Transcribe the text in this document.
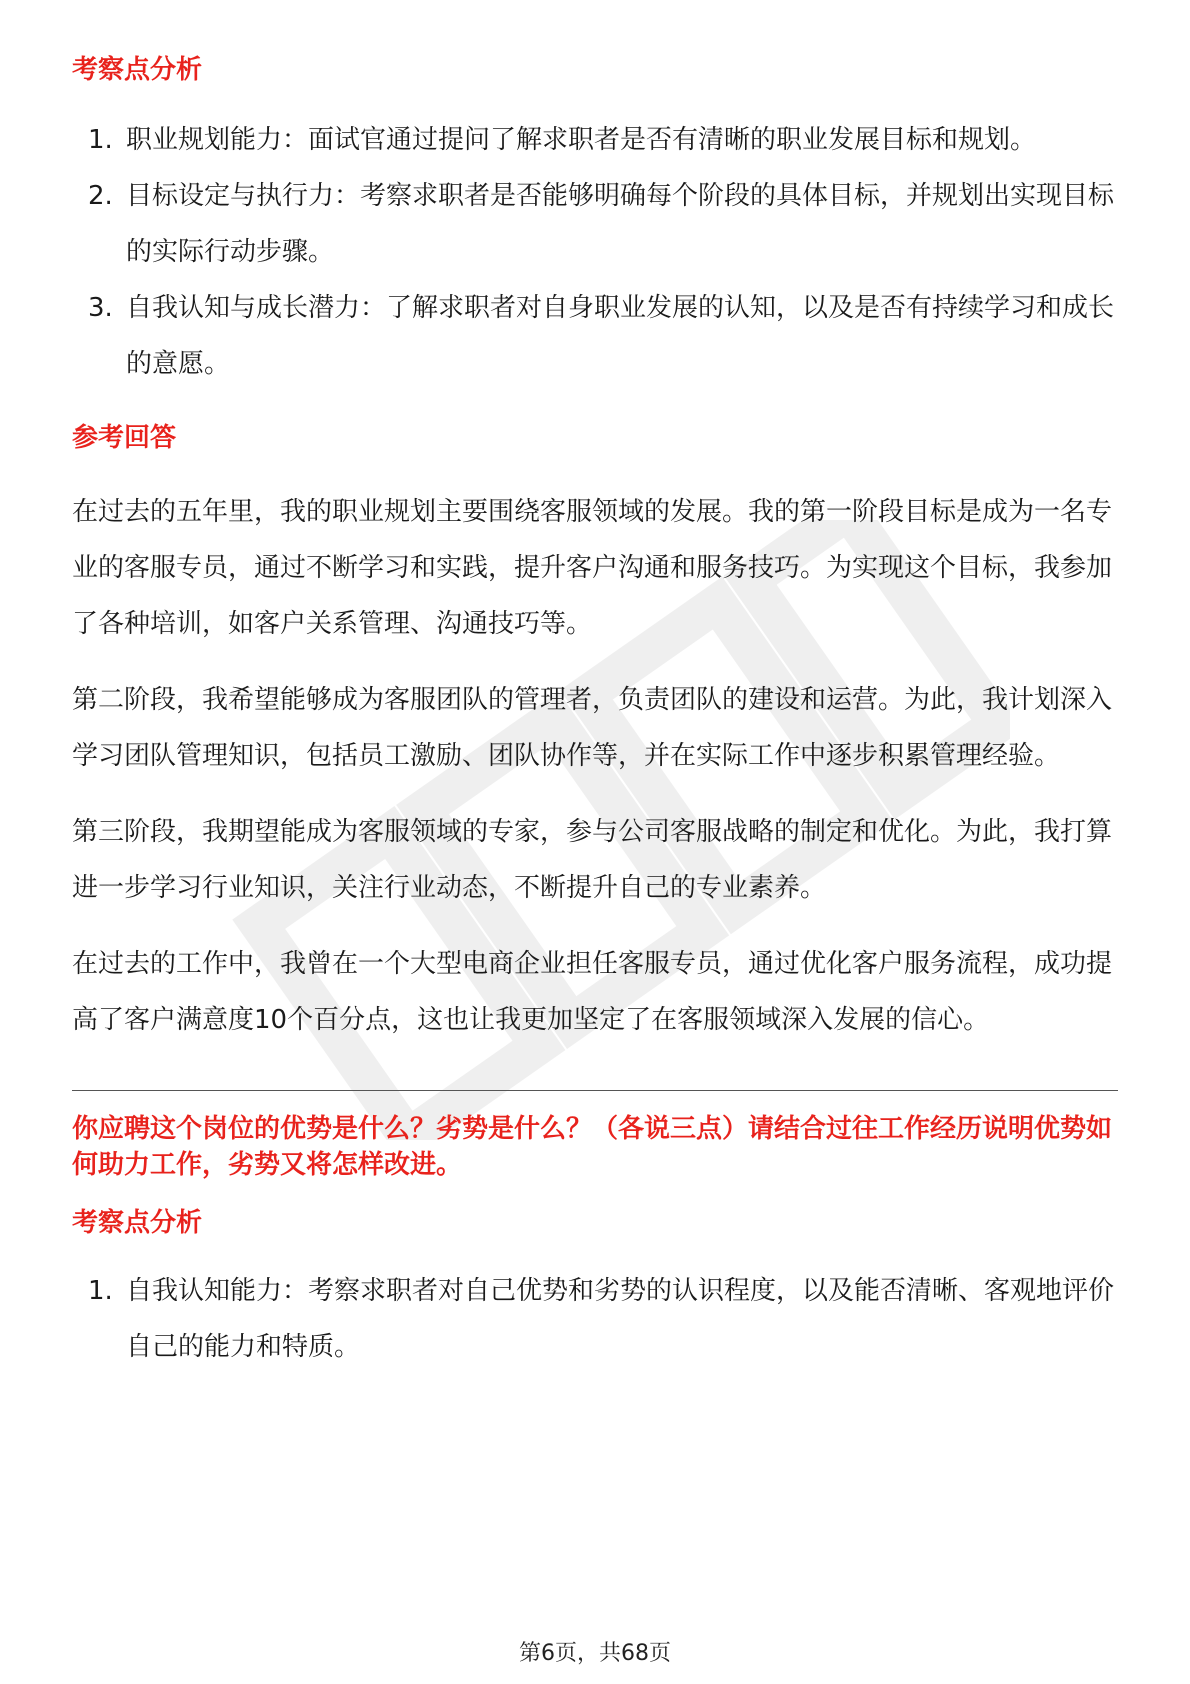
考察点分析
1. 职业规划能力：面试官通过提问了解求职者是否有清晰的职业发展目标和规划。
2. 目标设定与执行力：考察求职者是否能够明确每个阶段的具体目标，并规划出实现目标的实际行动步骤。
3. 自我认知与成长潜力：了解求职者对自身职业发展的认知，以及是否有持续学习和成长的意愿。
参考回答

在过去的五年里，我的职业规划主要围绕客服领域的发展。我的第一阶段目标是成为一名专业的客服专员，通过不断学习和实践，提升客户沟通和服务技巧。为实现这个目标，我参加了各种培训，如客户关系管理、沟通技巧等。

第二阶段，我希望能够成为客服团队的管理者，负责团队的建设和运营。为此，我计划深入学习团队管理知识，包括员工激励、团队协作等，并在实际工作中逐步积累管理经验。

第三阶段，我期望能成为客服领域的专家，参与公司客服战略的制定和优化。为此，我打算进一步学习行业知识，关注行业动态，不断提升自己的专业素养。

在过去的工作中，我曾在一个大型电商企业担任客服专员，通过优化客户服务流程，成功提高了客户满意度10个百分点，这也让我更加坚定了在客服领域深入发展的信心。

你应聘这个岗位的优势是什么？劣势是什么？（各说三点）请结合过往工作经历说明优势如何助力工作，劣势又将怎样改进。
考察点分析
1. 自我认知能力：考察求职者对自己优势和劣势的认识程度，以及能否清晰、客观地评价自己的能力和特质。
第6页，共68页
